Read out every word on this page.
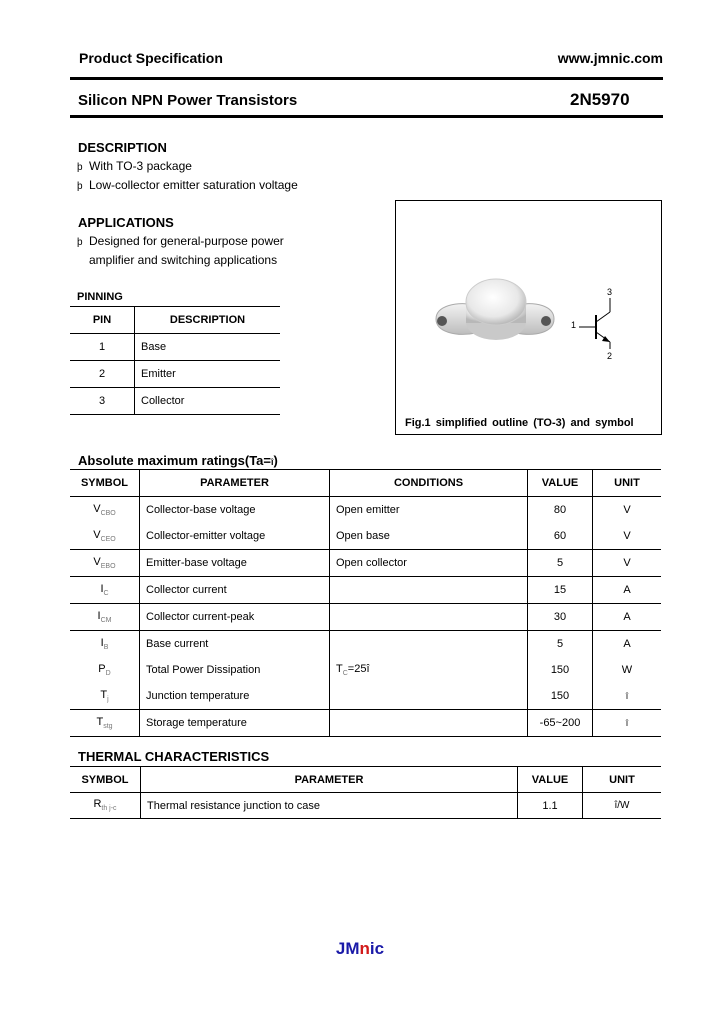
Product Specification	www.jmnic.com
Silicon NPN Power Transistors	2N5970
DESCRIPTION
þ With TO-3 package
þ Low-collector emitter saturation voltage
APPLICATIONS
þ Designed for general-purpose power
amplifier and switching applications
PINNING
PIN	DESCRIPTION
1	Base
2	Emitter
3	Collector
1
2
3
Fig.1 simplified outline (TO-3) and symbol
Absolute maximum ratings(Ta=î)
SYMBOL	PARAMETER	CONDITIONS	VALUE	UNIT
$V_{CBO}$	Collector-base voltage	Open emitter	80	V
$V_{CEO}$	Collector-emitter voltage	Open base	60	V
$V_{EBO}$	Emitter-base voltage	Open collector	5	V
$I_C$	Collector current		15	A
$I_{CM}$	Collector current-peak		30	A
$I_B$	Base current		5	A
$P_D$	Total Power Dissipation	$T_C=25î$	150	W
$T_j$	Junction temperature		150	î
$T_{stg}$	Storage temperature		-65~200	î
THERMAL CHARACTERISTICS
SYMBOL	PARAMETER	VALUE	UNIT
$R_{th j-c}$	Thermal resistance junction to case	1.1	î/W
JMnic
